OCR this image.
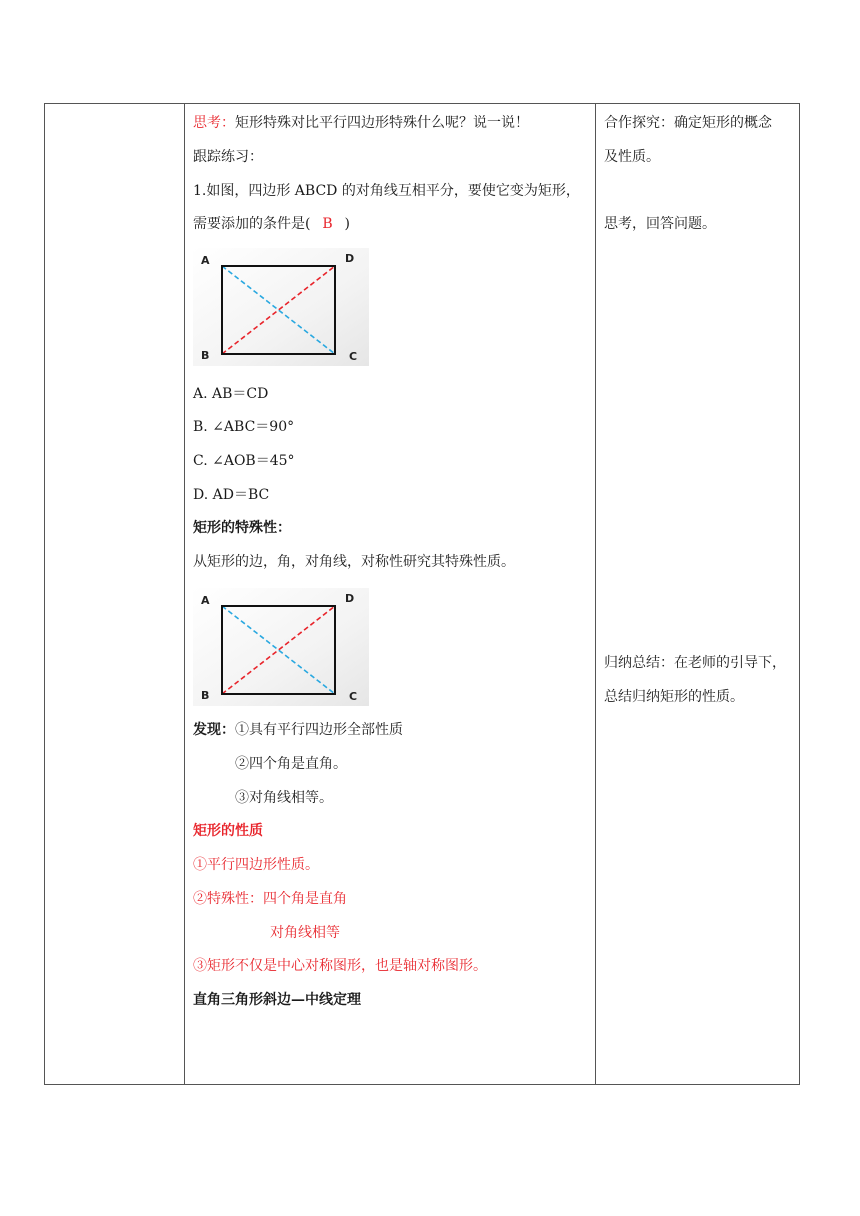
思考：矩形特殊对比平行四边形特殊什么呢？说一说！
跟踪练习：
1.如图，四边形 ABCD 的对角线互相平分，要使它变为矩形，
需要添加的条件是( B )
A	D
B	C
A. AB＝CD
B. ∠ABC＝90°
C. ∠AOB＝45°
D. AD＝BC
矩形的特殊性：
从矩形的边，角，对角线，对称性研究其特殊性质。
A	D
B	C
发现：①具有平行四边形全部性质
②四个角是直角。
③对角线相等。
矩形的性质
①平行四边形性质。
②特殊性：四个角是直角
对角线相等
③矩形不仅是中心对称图形，也是轴对称图形。
直角三角形斜边—中线定理
合作探究：确定矩形的概念
及性质。
思考，回答问题。
归纳总结：在老师的引导下，
总结归纳矩形的性质。
